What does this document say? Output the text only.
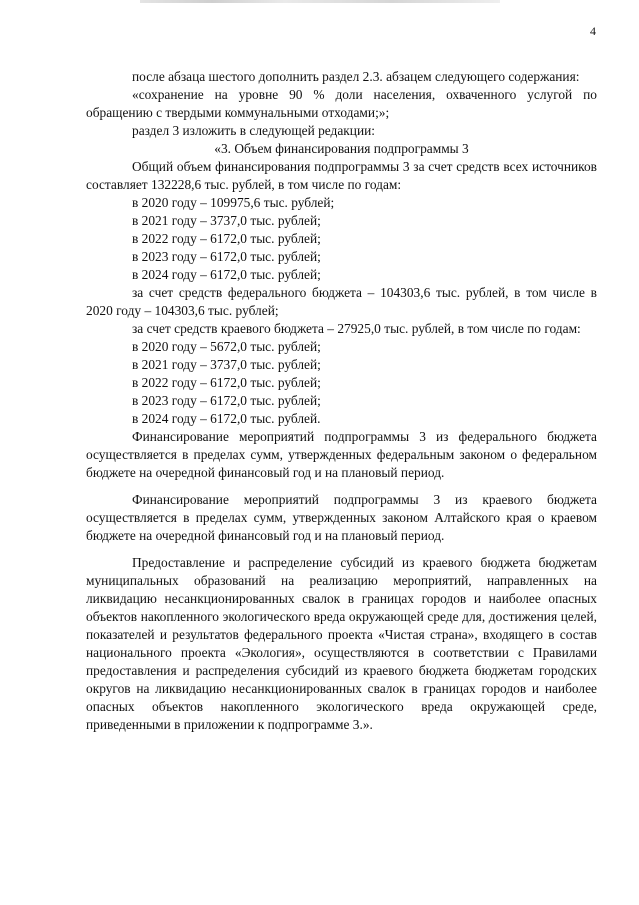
4

после абзаца шестого дополнить раздел 2.3. абзацем следующего содержания:

«сохранение на уровне 90 % доли населения, охваченного услугой по обращению с твердыми коммунальными отходами;»;

раздел 3 изложить в следующей редакции:

«3. Объем финансирования подпрограммы 3

Общий объем финансирования подпрограммы 3 за счет средств всех источников составляет 132228,6 тыс. рублей, в том числе по годам:

в 2020 году – 109975,6 тыс. рублей;

в 2021 году – 3737,0 тыс. рублей;

в 2022 году – 6172,0 тыс. рублей;

в 2023 году – 6172,0 тыс. рублей;

в 2024 году – 6172,0 тыс. рублей;

за счет средств федерального бюджета – 104303,6 тыс. рублей, в том числе в 2020 году – 104303,6 тыс. рублей;

за счет средств краевого бюджета – 27925,0 тыс. рублей, в том числе по годам:

в 2020 году – 5672,0 тыс. рублей;

в 2021 году – 3737,0 тыс. рублей;

в 2022 году – 6172,0 тыс. рублей;

в 2023 году – 6172,0 тыс. рублей;

в 2024 году – 6172,0 тыс. рублей.

Финансирование мероприятий подпрограммы 3 из федерального бюджета осуществляется в пределах сумм, утвержденных федеральным законом о федеральном бюджете на очередной финансовый год и на плановый период.

Финансирование мероприятий подпрограммы 3 из краевого бюджета осуществляется в пределах сумм, утвержденных законом Алтайского края о краевом бюджете на очередной финансовый год и на плановый период.

Предоставление и распределение субсидий из краевого бюджета бюджетам муниципальных образований на реализацию мероприятий, направленных на ликвидацию несанкционированных свалок в границах городов и наиболее опасных объектов накопленного экологического вреда окружающей среде для, достижения целей, показателей и результатов федерального проекта «Чистая страна», входящего в состав национального проекта «Экология», осуществляются в соответствии с Правилами предоставления и распределения субсидий из краевого бюджета бюджетам городских округов на ликвидацию несанкционированных свалок в границах городов и наиболее опасных объектов накопленного экологического вреда окружающей среде, приведенными в приложении к подпрограмме 3.».
